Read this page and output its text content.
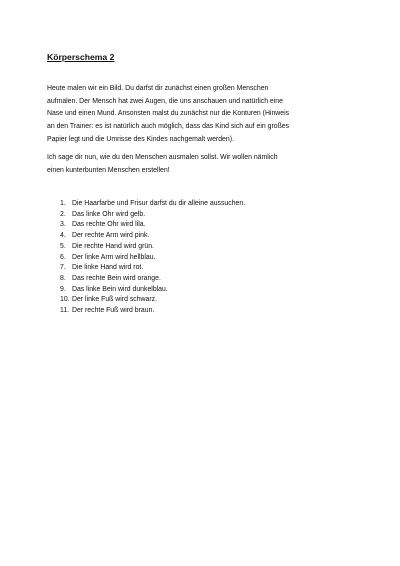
Körperschema 2
Heute malen wir ein Bild. Du darfst dir zunächst einen großen Menschen
aufmalen. Der Mensch hat zwei Augen, die uns anschauen und natürlich eine
Nase und einen Mund. Ansonsten malst du zunächst nur die Konturen (Hinweis
an den Trainer: es ist natürlich auch möglich, dass das Kind sich auf ein großes
Papier legt und die Umrisse des Kindes nachgemalt werden).
Ich sage dir nun, wie du den Menschen ausmalen sollst. Wir wollen nämlich
einen kunterbunten Menschen erstellen!
1. Die Haarfarbe und Frisur darfst du dir alleine aussuchen.
2. Das linke Ohr wird gelb.
3. Das rechte Ohr wird lila.
4. Der rechte Arm wird pink.
5. Die rechte Hand wird grün.
6. Der linke Arm wird hellblau.
7. Die linke Hand wird rot.
8. Das rechte Bein wird orange.
9. Das linke Bein wird dunkelblau.
10. Der linke Fuß wird schwarz.
11. Der rechte Fuß wird braun.
